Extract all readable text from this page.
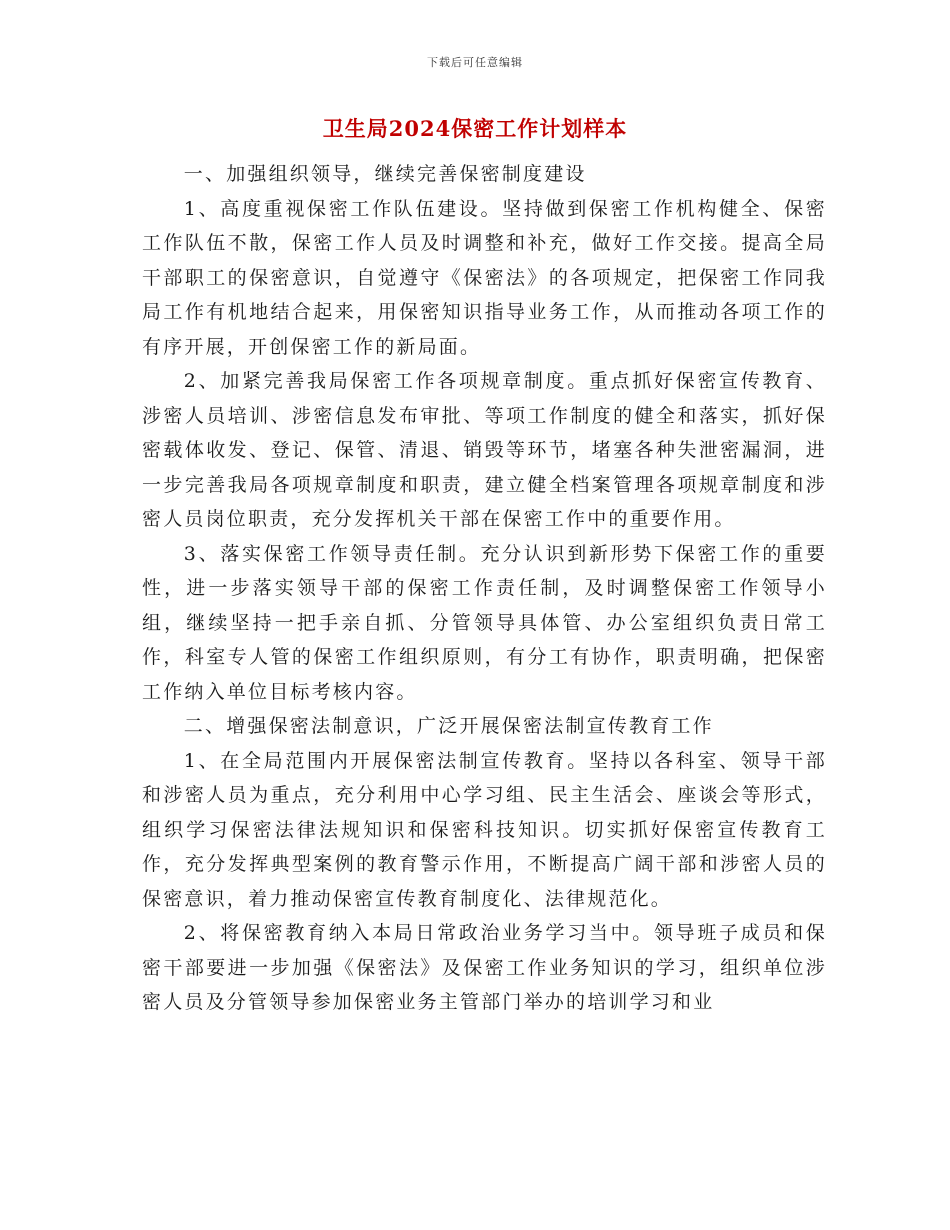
下载后可任意编辑
卫生局2024保密工作计划样本

一、加强组织领导，继续完善保密制度建设

1、高度重视保密工作队伍建设。坚持做到保密工作机构健全、保密工作队伍不散，保密工作人员及时调整和补充，做好工作交接。提高全局干部职工的保密意识，自觉遵守《保密法》的各项规定，把保密工作同我局工作有机地结合起来，用保密知识指导业务工作，从而推动各项工作的有序开展，开创保密工作的新局面。

2、加紧完善我局保密工作各项规章制度。重点抓好保密宣传教育、涉密人员培训、涉密信息发布审批、等项工作制度的健全和落实，抓好保密载体收发、登记、保管、清退、销毁等环节，堵塞各种失泄密漏洞，进一步完善我局各项规章制度和职责，建立健全档案管理各项规章制度和涉密人员岗位职责，充分发挥机关干部在保密工作中的重要作用。

3、落实保密工作领导责任制。充分认识到新形势下保密工作的重要性，进一步落实领导干部的保密工作责任制，及时调整保密工作领导小组，继续坚持一把手亲自抓、分管领导具体管、办公室组织负责日常工作，科室专人管的保密工作组织原则，有分工有协作，职责明确，把保密工作纳入单位目标考核内容。

二、增强保密法制意识，广泛开展保密法制宣传教育工作

1、在全局范围内开展保密法制宣传教育。坚持以各科室、领导干部和涉密人员为重点，充分利用中心学习组、民主生活会、座谈会等形式，组织学习保密法律法规知识和保密科技知识。切实抓好保密宣传教育工作，充分发挥典型案例的教育警示作用，不断提高广阔干部和涉密人员的保密意识，着力推动保密宣传教育制度化、法律规范化。

2、将保密教育纳入本局日常政治业务学习当中。领导班子成员和保密干部要进一步加强《保密法》及保密工作业务知识的学习，组织单位涉密人员及分管领导参加保密业务主管部门举办的培训学习和业
